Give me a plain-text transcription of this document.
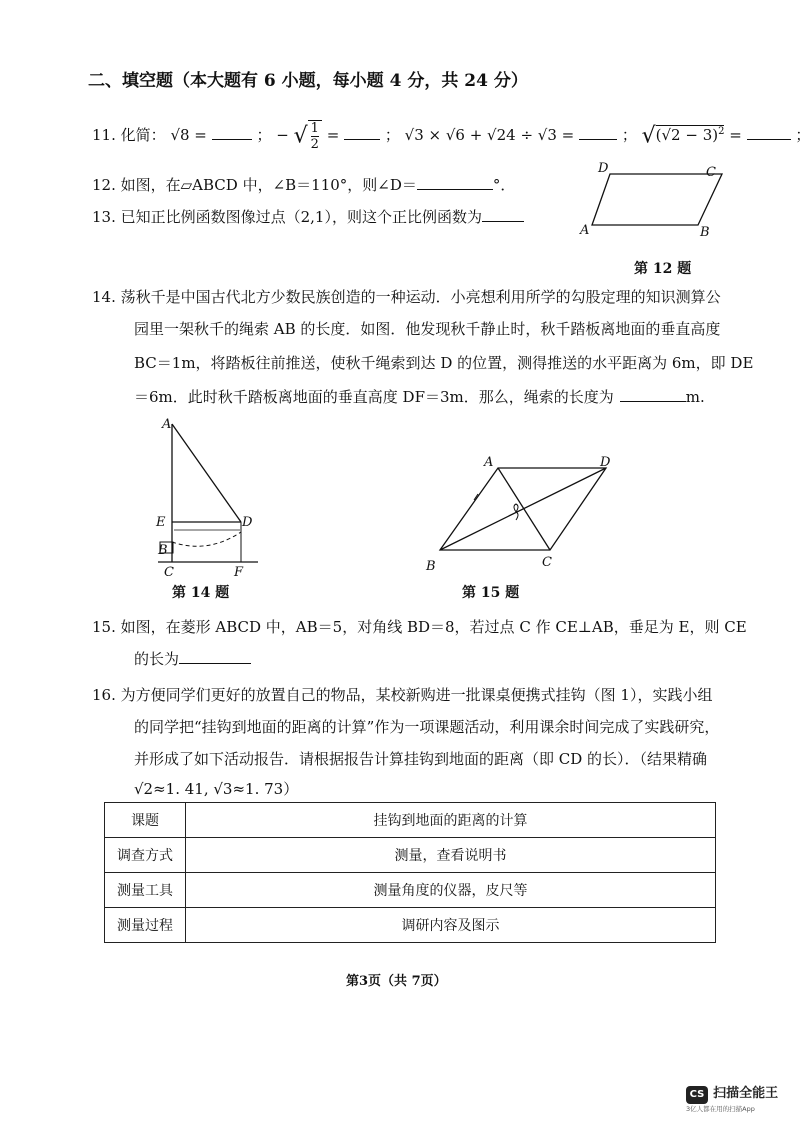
二、填空题（本大题有 6 小题，每小题 4 分，共 24 分）
11. 化简： √8 =	； − √ $\frac{1}{2}$ =	； √3 × √6 + √24 ÷ √3 =	； $√(√2 - 3)^2$ =	；
12. 如图，在▱ABCD 中，∠B＝110°，则∠D＝	°．
A	B
C
D
第 12 题
13. 已知正比例函数图像过点（2,1），则这个正比例函数为
14. 荡秋千是中国古代北方少数民族创造的一种运动．小亮想利用所学的勾股定理的知识测算公
园里一架秋千的绳索 AB 的长度．如图．他发现秋千静止时，秋千踏板离地面的垂直高度
BC＝1m，将踏板往前推送，使秋千绳索到达 D 的位置，测得推送的水平距离为 6m，即 DE
＝6m．此时秋千踏板离地面的垂直高度 DF＝3m．那么，绳索的长度为	m.
A
B
C
D
E
F
第 14 题
A
B	C
D
第 15 题
15. 如图，在菱形 ABCD 中，AB＝5，对角线 BD＝8，若过点 C 作 CE⊥AB，垂足为 E，则 CE
的长为
16. 为方便同学们更好的放置自己的物品，某校新购进一批课桌便携式挂钩（图 1），实践小组
的同学把“挂钩到地面的距离的计算”作为一项课题活动，利用课余时间完成了实践研究，
并形成了如下活动报告．请根据报告计算挂钩到地面的距离（即 CD 的长）．（结果精确
√2≈1. 41, √3≈1. 73）
课题	挂钩到地面的距离的计算
调查方式	测量，查看说明书
测量工具	测量角度的仪器，皮尺等
测量过程	调研内容及图示
第3页（共 7页）
CS 扫描全能王
3亿人都在用的扫描App
